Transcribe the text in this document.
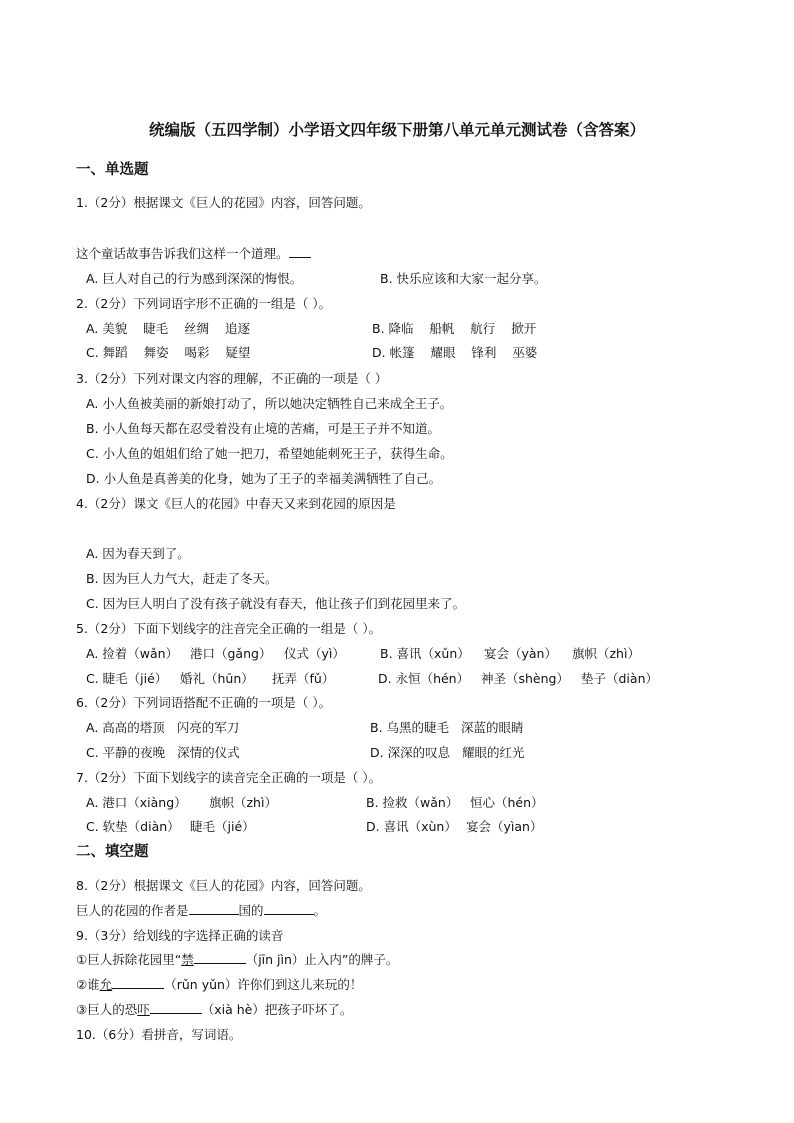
统编版（五四学制）小学语文四年级下册第八单元单元测试卷（含答案）
一、单选题
1.（2分）根据课文《巨人的花园》内容，回答问题。
这个童话故事告诉我们这样一个道理。
A. 巨人对自己的行为感到深深的悔恨。	B. 快乐应该和大家一起分享。
2.（2分）下列词语字形不正确的一组是（ ）。
A. 美貌    睫毛    丝绸    追逐	B. 降临    船帆    航行    掀开
C. 舞蹈    舞姿    喝彩    疑望	D. 帐篷    耀眼    锋利    巫婆
3.（2分）下列对课文内容的理解，不正确的一项是（ ）
A. 小人鱼被美丽的新娘打动了，所以她决定牺牲自己来成全王子。
B. 小人鱼每天都在忍受着没有止境的苦痛，可是王子并不知道。
C. 小人鱼的姐姐们给了她一把刀，希望她能刺死王子，获得生命。
D. 小人鱼是真善美的化身，她为了王子的幸福美满牺牲了自己。
4.（2分）课文《巨人的花园》中春天又来到花园的原因是
A. 因为春天到了。
B. 因为巨人力气大，赶走了冬天。
C. 因为巨人明白了没有孩子就没有春天，他让孩子们到花园里来了。
5.（2分）下面下划线字的注音完全正确的一组是（ ）。
A. 捡着（wǎn） 港口（gǎng） 仪式（yì）	B. 喜讯（xǔn） 宴会（yàn） 旗帜（zhì）
C. 睫毛（jié） 婚礼（hūn） 抚弄（fǔ）	D. 永恒（hén） 神圣（shèng） 垫子（diàn）
6.（2分）下列词语搭配不正确的一项是（ ）。
A. 高高的塔顶   闪亮的军刀	B. 乌黑的睫毛   深蓝的眼睛
C. 平静的夜晚   深情的仪式	D. 深深的叹息   耀眼的红光
7.（2分）下面下划线字的读音完全正确的一项是（ ）。
A. 港口（xiàng） 旗帜（zhì）	B. 捡救（wǎn） 恒心（hén）
C. 软垫（diàn） 睫毛（jié）	D. 喜讯（xùn） 宴会（yìan）
二、填空题
8.（2分）根据课文《巨人的花园》内容，回答问题。
巨人的花园的作者是	国的	。
9.（3分）给划线的字选择正确的读音
①巨人拆除花园里“禁	（jīn jìn）止入内”的牌子。
②谁允	（rǔn yǔn）许你们到这儿来玩的！
③巨人的恐吓	（xià hè）把孩子吓坏了。
10.（6分）看拼音，写词语。
